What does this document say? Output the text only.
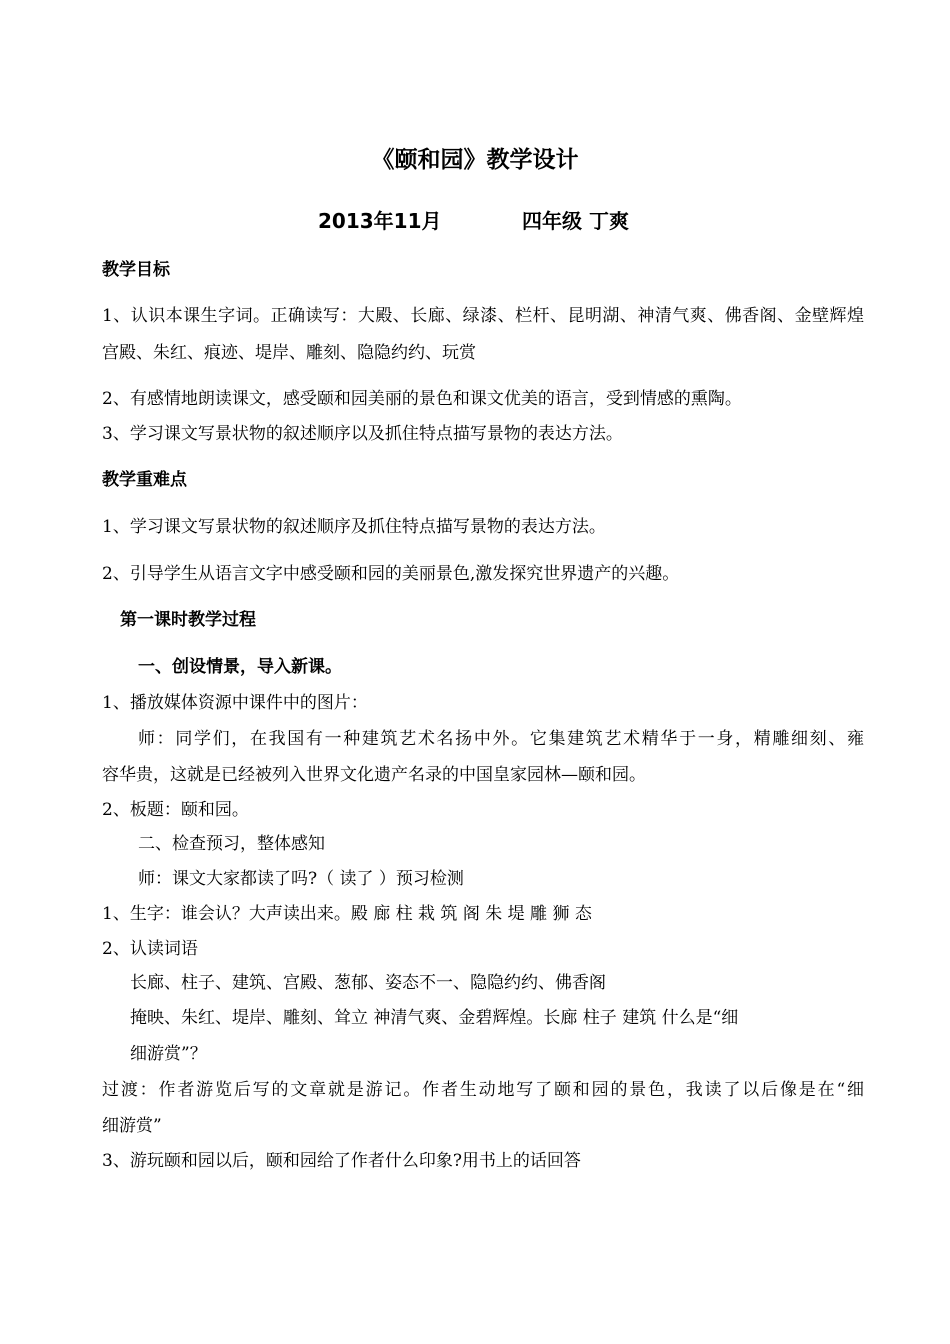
《颐和园》教学设计
2013年11月	四年级 丁爽
教学目标
1、认识本课生字词。正确读写：大殿、长廊、绿漆、栏杆、昆明湖、神清气爽、佛香阁、金壁辉煌
宫殿、朱红、痕迹、堤岸、雕刻、隐隐约约、玩赏
2、有感情地朗读课文，感受颐和园美丽的景色和课文优美的语言，受到情感的熏陶。
3、学习课文写景状物的叙述顺序以及抓住特点描写景物的表达方法。
教学重难点
1、学习课文写景状物的叙述顺序及抓住特点描写景物的表达方法。
2、引导学生从语言文字中感受颐和园的美丽景色,激发探究世界遗产的兴趣。
第一课时教学过程
一、创设情景，导入新课。
1、播放媒体资源中课件中的图片：
师：同学们，在我国有一种建筑艺术名扬中外。它集建筑艺术精华于一身，精雕细刻、雍
容华贵，这就是已经被列入世界文化遗产名录的中国皇家园林—颐和园。
2、板题：颐和园。
二、检查预习，整体感知
师：课文大家都读了吗?（ 读了 ）预习检测
1、生字：谁会认？大声读出来。殿 廊 柱 栽 筑 阁 朱 堤 雕 狮 态
2、认读词语
长廊、柱子、建筑、宫殿、葱郁、姿态不一、隐隐约约、佛香阁
掩映、朱红、堤岸、雕刻、耸立 神清气爽、金碧辉煌。长廊 柱子 建筑 什么是“细
细游赏”？
过渡：作者游览后写的文章就是游记。作者生动地写了颐和园的景色，我读了以后像是在“细
细游赏”
3、游玩颐和园以后，颐和园给了作者什么印象?用书上的话回答
